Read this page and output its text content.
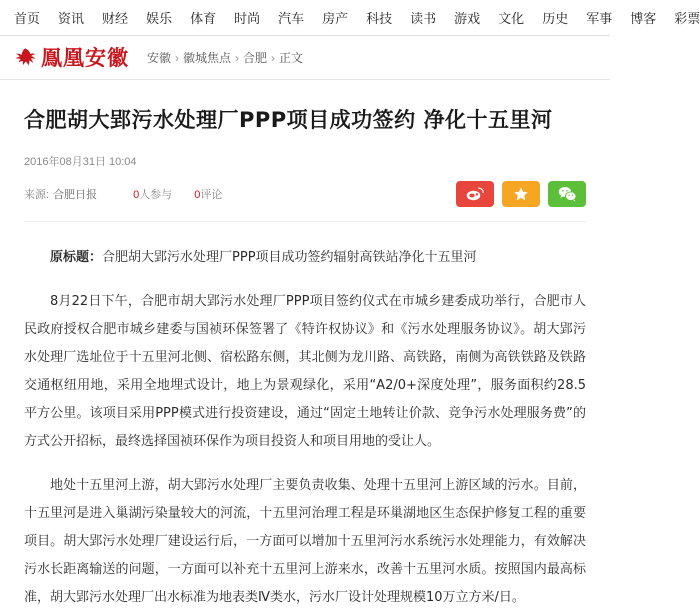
首页 资讯 财经 娱乐 体育 时尚 汽车 房产 科技 读书 游戏 文化 历史 军事 博客 彩票
鳯凰安徽 安徽 › 徽城焦点 › 合肥 › 正文
合肥胡大郢污水处理厂PPP项目成功签约 净化十五里河
2016年08月31日 10:04
来源: 合肥日报	0人参与 0评论

原标题：合肥胡大郢污水处理厂PPP项目成功签约辐射高铁站净化十五里河

8月22日下午，合肥市胡大郢污水处理厂PPP项目签约仪式在市城乡建委成功举行，合肥市人民政府授权合肥市城乡建委与国祯环保签署了《特许权协议》和《污水处理服务协议》。胡大郢污水处理厂选址位于十五里河北侧、宿松路东侧，其北侧为龙川路、高铁路，南侧为高铁铁路及铁路交通枢纽用地，采用全地埋式设计，地上为景观绿化，采用“A2/0+深度处理”，服务面积约28.5平方公里。该项目采用PPP模式进行投资建设，通过“固定土地转让价款、竞争污水处理服务费”的方式公开招标，最终选择国祯环保作为项目投资人和项目用地的受让人。

地处十五里河上游，胡大郢污水处理厂主要负责收集、处理十五里河上游区域的污水。目前，十五里河是进入巢湖污染量较大的河流，十五里河治理工程是环巢湖地区生态保护修复工程的重要项目。胡大郢污水处理厂建设运行后，一方面可以增加十五里河污水系统污水处理能力，有效解决污水长距离输送的问题，一方面可以补充十五里河上游来水，改善十五里河水质。按照国内最高标准，胡大郢污水处理厂出水标准为地表类Ⅳ类水，污水厂设计处理规模10万立方米/日。
